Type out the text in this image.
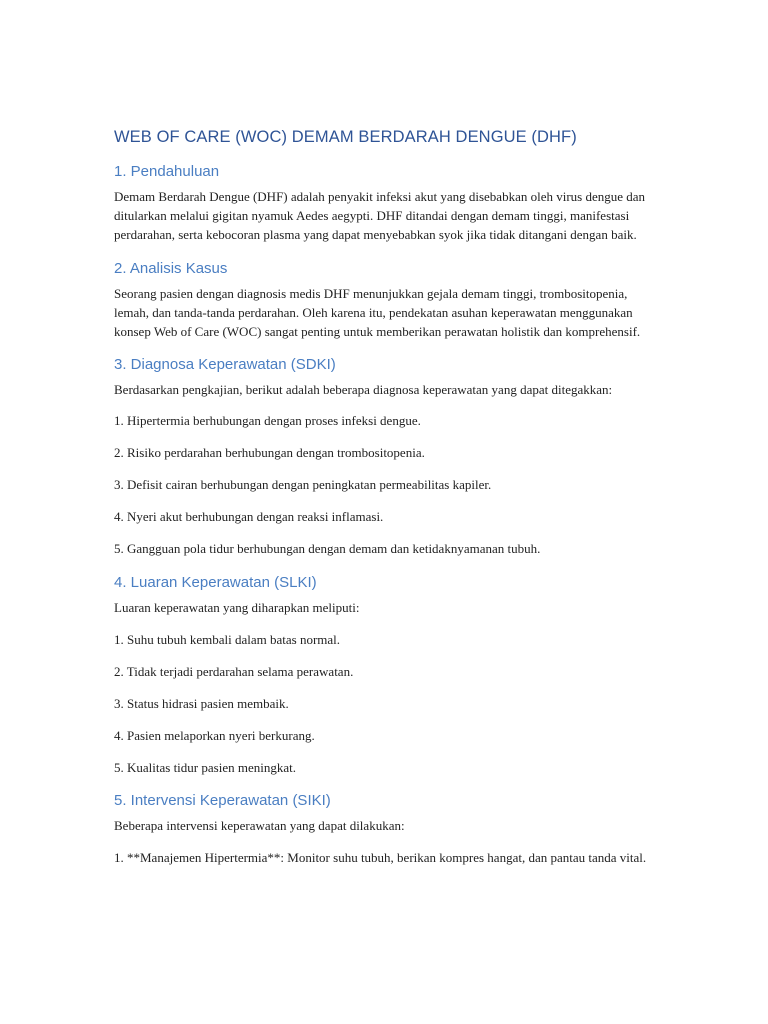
WEB OF CARE (WOC) DEMAM BERDARAH DENGUE (DHF)
1. Pendahuluan

Demam Berdarah Dengue (DHF) adalah penyakit infeksi akut yang disebabkan oleh virus dengue dan ditularkan melalui gigitan nyamuk Aedes aegypti. DHF ditandai dengan demam tinggi, manifestasi perdarahan, serta kebocoran plasma yang dapat menyebabkan syok jika tidak ditangani dengan baik.

2. Analisis Kasus

Seorang pasien dengan diagnosis medis DHF menunjukkan gejala demam tinggi, trombositopenia, lemah, dan tanda-tanda perdarahan. Oleh karena itu, pendekatan asuhan keperawatan menggunakan konsep Web of Care (WOC) sangat penting untuk memberikan perawatan holistik dan komprehensif.

3. Diagnosa Keperawatan (SDKI)

Berdasarkan pengkajian, berikut adalah beberapa diagnosa keperawatan yang dapat ditegakkan:

1. Hipertermia berhubungan dengan proses infeksi dengue.

2. Risiko perdarahan berhubungan dengan trombositopenia.

3. Defisit cairan berhubungan dengan peningkatan permeabilitas kapiler.

4. Nyeri akut berhubungan dengan reaksi inflamasi.

5. Gangguan pola tidur berhubungan dengan demam dan ketidaknyamanan tubuh.

4. Luaran Keperawatan (SLKI)

Luaran keperawatan yang diharapkan meliputi:

1. Suhu tubuh kembali dalam batas normal.

2. Tidak terjadi perdarahan selama perawatan.

3. Status hidrasi pasien membaik.

4. Pasien melaporkan nyeri berkurang.

5. Kualitas tidur pasien meningkat.

5. Intervensi Keperawatan (SIKI)

Beberapa intervensi keperawatan yang dapat dilakukan:

1. **Manajemen Hipertermia**: Monitor suhu tubuh, berikan kompres hangat, dan pantau tanda vital.
